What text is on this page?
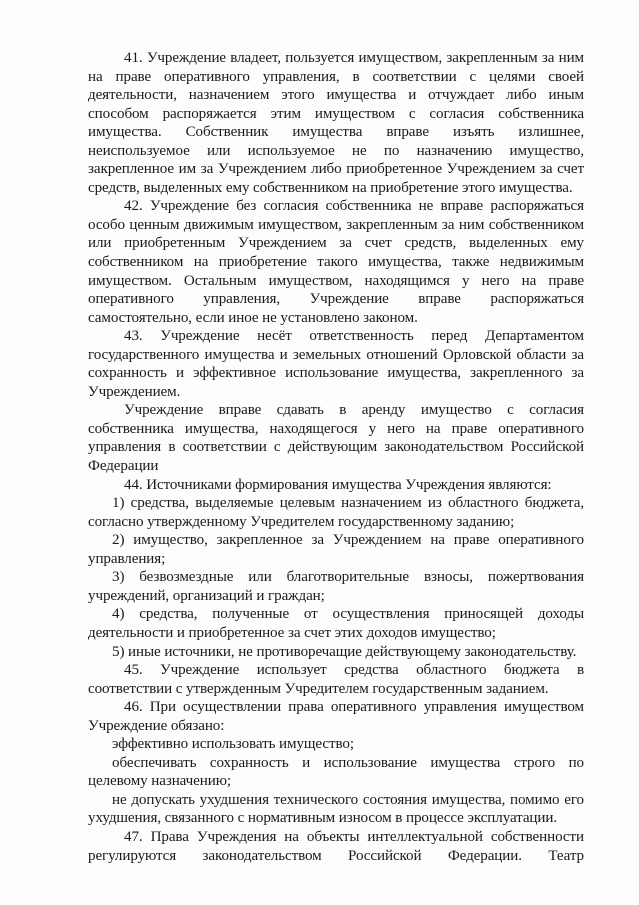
41. Учреждение владеет, пользуется имуществом, закрепленным за ним на праве оперативного управления, в соответствии с целями своей деятельности, назначением этого имущества и отчуждает либо иным способом распоряжается этим имуществом с согласия собственника имущества. Собственник имущества вправе изъять излишнее, неиспользуемое или используемое не по назначению имущество, закрепленное им за Учреждением либо приобретенное Учреждением за счет средств, выделенных ему собственником на приобретение этого имущества.

42. Учреждение без согласия собственника не вправе распоряжаться особо ценным движимым имуществом, закрепленным за ним собственником или приобретенным Учреждением за счет средств, выделенных ему собственником на приобретение такого имущества, также недвижимым имуществом. Остальным имуществом, находящимся у него на праве оперативного управления, Учреждение вправе распоряжаться самостоятельно, если иное не установлено законом.

43. Учреждение несёт ответственность перед Департаментом государственного имущества и земельных отношений Орловской области за сохранность и эффективное использование имущества, закрепленного за Учреждением.

Учреждение вправе сдавать в аренду имущество с согласия собственника имущества, находящегося у него на праве оперативного управления в соответствии с действующим законодательством Российской Федерации

44. Источниками формирования имущества Учреждения являются:

1) средства, выделяемые целевым назначением из областного бюджета, согласно утвержденному Учредителем государственному заданию;

2) имущество, закрепленное за Учреждением на праве оперативного управления;

3) безвозмездные или благотворительные взносы, пожертвования учреждений, организаций и граждан;

4) средства, полученные от осуществления приносящей доходы деятельности и приобретенное за счет этих доходов имущество;

5) иные источники, не противоречащие действующему законодательству.

45. Учреждение использует средства областного бюджета в соответствии с утвержденным Учредителем государственным заданием.

46. При осуществлении права оперативного управления имуществом Учреждение обязано:

эффективно использовать имущество;

обеспечивать сохранность и использование имущества строго по целевому назначению;

не допускать ухудшения технического состояния имущества, помимо его ухудшения, связанного с нормативным износом в процессе эксплуатации.

47. Права Учреждения на объекты интеллектуальной собственности регулируются законодательством Российской Федерации. Театр
